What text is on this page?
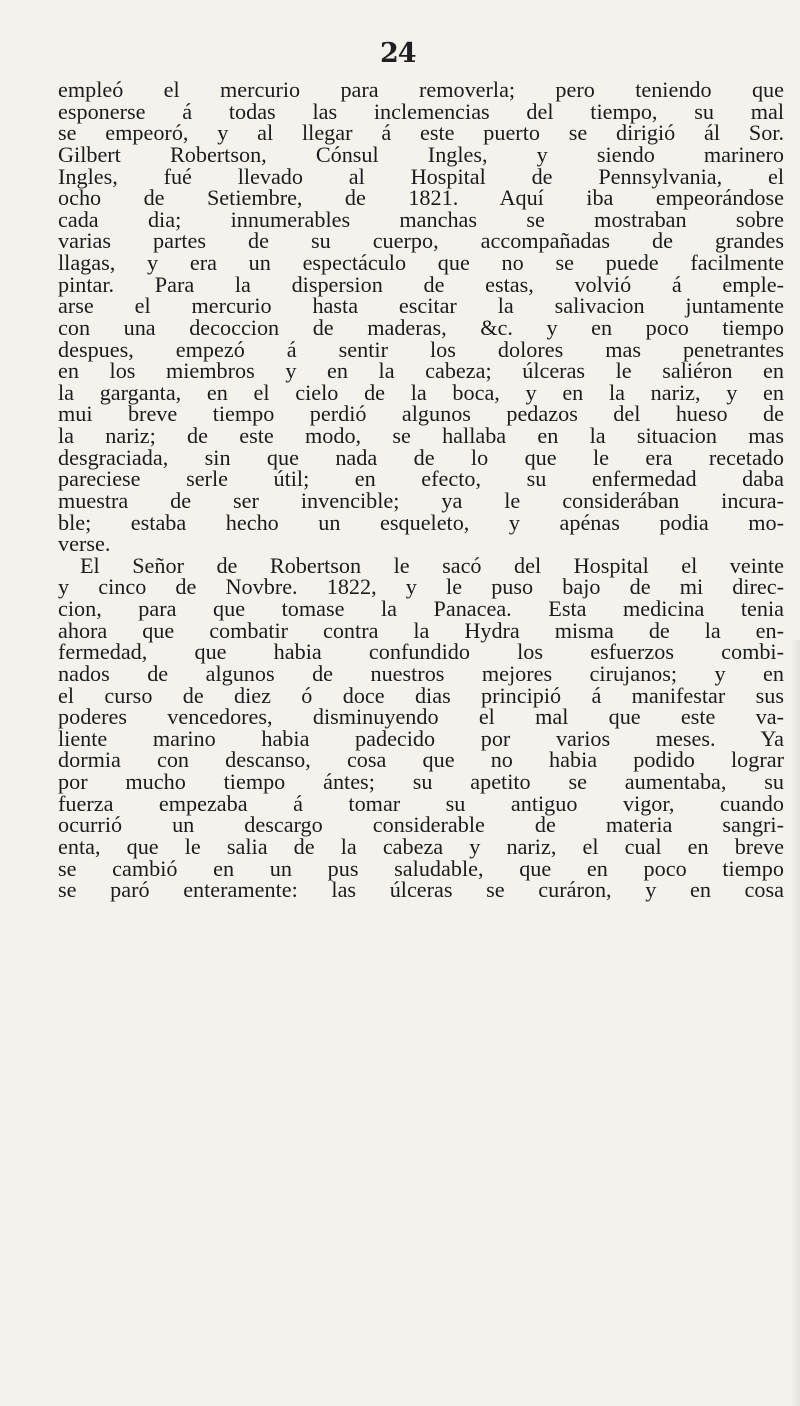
24
empleó el mercurio para removerla; pero teniendo que
esponerse á todas las inclemencias del tiempo, su mal
se empeoró, y al llegar á este puerto se dirigió ál Sor.
Gilbert Robertson, Cónsul Ingles, y siendo marinero
Ingles, fué llevado al Hospital de Pennsylvania, el
ocho de Setiembre, de 1821. Aquí iba empeorándose
cada dia; innumerables manchas se mostraban sobre
varias partes de su cuerpo, accompañadas de grandes
llagas, y era un espectáculo que no se puede facilmente
pintar. Para la dispersion de estas, volvió á emple-
arse el mercurio hasta escitar la salivacion juntamente
con una decoccion de maderas, &c. y en poco tiempo
despues, empezó á sentir los dolores mas penetrantes
en los miembros y en la cabeza; úlceras le saliéron en
la garganta, en el cielo de la boca, y en la nariz, y en
mui breve tiempo perdió algunos pedazos del hueso de
la nariz; de este modo, se hallaba en la situacion mas
desgraciada, sin que nada de lo que le era recetado
pareciese serle útil; en efecto, su enfermedad daba
muestra de ser invencible; ya le considerában incura-
ble; estaba hecho un esqueleto, y apénas podia mo-
verse.
El Señor de Robertson le sacó del Hospital el veinte
y cinco de Novbre. 1822, y le puso bajo de mi direc-
cion, para que tomase la Panacea. Esta medicina tenia
ahora que combatir contra la Hydra misma de la en-
fermedad, que habia confundido los esfuerzos combi-
nados de algunos de nuestros mejores cirujanos; y en
el curso de diez ó doce dias principió á manifestar sus
poderes vencedores, disminuyendo el mal que este va-
liente marino habia padecido por varios meses. Ya
dormia con descanso, cosa que no habia podido lograr
por mucho tiempo ántes; su apetito se aumentaba, su
fuerza empezaba á tomar su antiguo vigor, cuando
ocurrió un descargo considerable de materia sangri-
enta, que le salia de la cabeza y nariz, el cual en breve
se cambió en un pus saludable, que en poco tiempo
se paró enteramente: las úlceras se curáron, y en cosa
